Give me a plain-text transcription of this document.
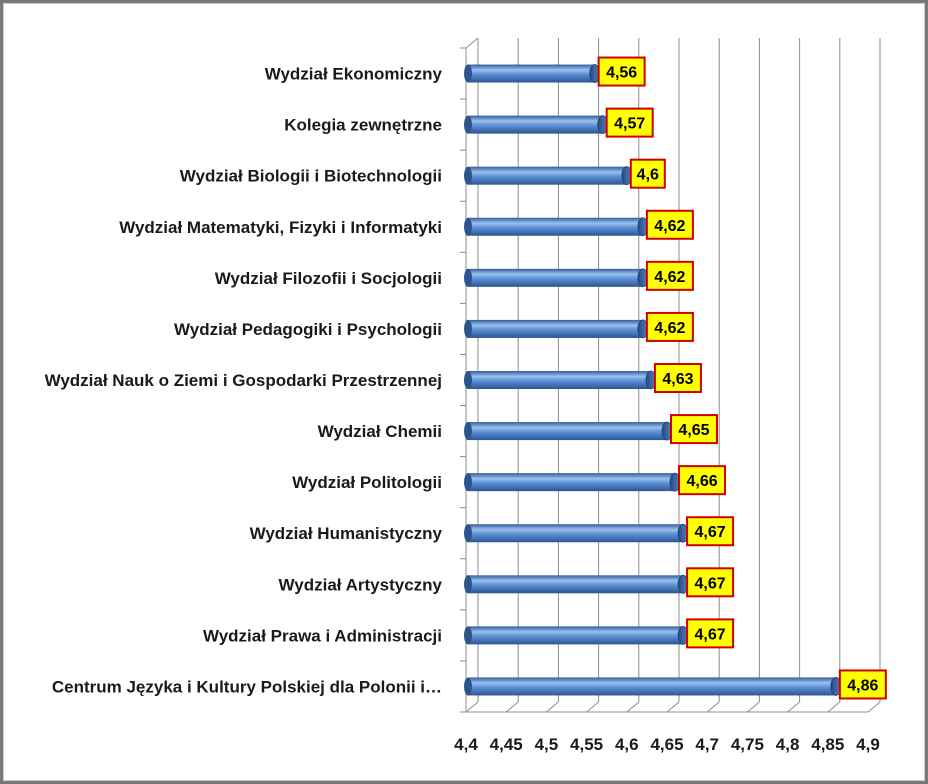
4,4 4,45 4,5 4,55 4,6 4,65 4,7 4,75 4,8 4,85 4,9
Wydział Ekonomiczny	4,56
Kolegia zewnętrzne	4,57
Wydział Biologii i Biotechnologii	4,6
Wydział Matematyki, Fizyki i Informatyki	4,62
Wydział Filozofii i Socjologii	4,62
Wydział Pedagogiki i Psychologii	4,62
Wydział Nauk o Ziemi i Gospodarki Przestrzennej	4,63
Wydział Chemii	4,65
Wydział Politologii	4,66
Wydział Humanistyczny	4,67
Wydział Artystyczny	4,67
Wydział Prawa i Administracji	4,67
Centrum Języka i Kultury Polskiej dla Polonii i…	4,86
